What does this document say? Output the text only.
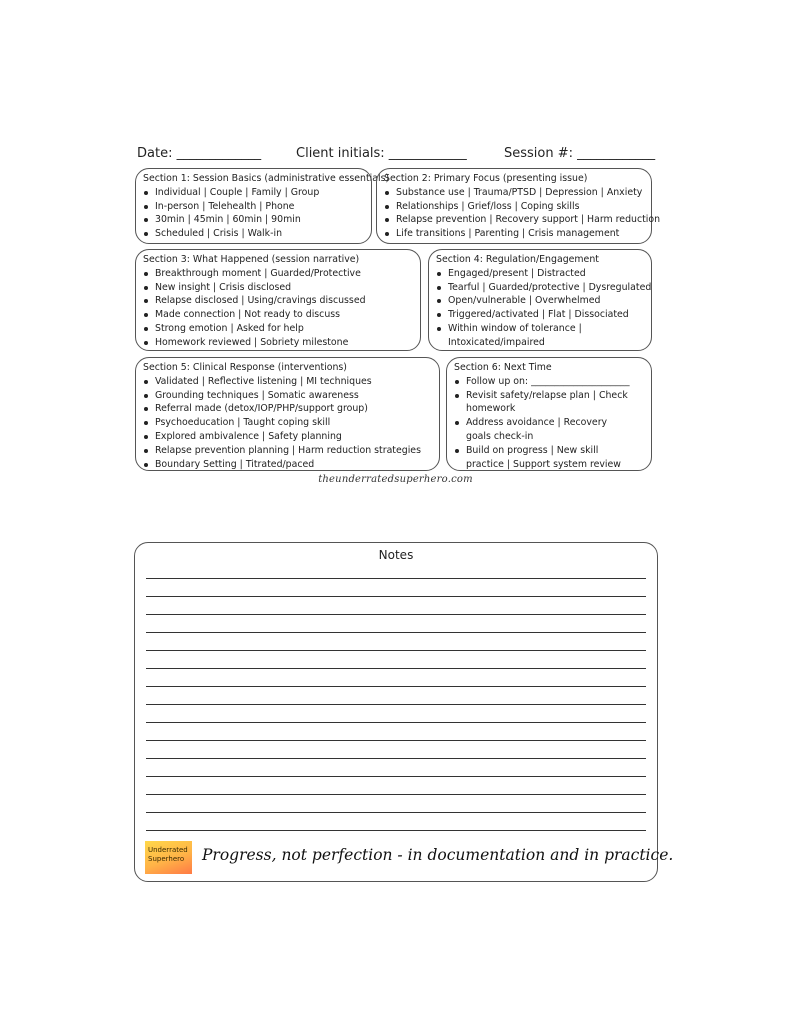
Date: _____________	Client initials: ____________	Session #: ____________
Section 1: Session Basics (administrative essentials)
Individual | Couple | Family | Group
In-person | Telehealth | Phone
30min | 45min | 60min | 90min
Scheduled | Crisis | Walk-in
Section 2: Primary Focus (presenting issue)
Substance use | Trauma/PTSD | Depression | Anxiety
Relationships | Grief/loss | Coping skills
Relapse prevention | Recovery support | Harm reduction
Life transitions | Parenting | Crisis management
Section 3: What Happened (session narrative)
Breakthrough moment | Guarded/Protective
New insight | Crisis disclosed
Relapse disclosed | Using/cravings discussed
Made connection | Not ready to discuss
Strong emotion | Asked for help
Homework reviewed | Sobriety milestone
Section 4: Regulation/Engagement
Engaged/present | Distracted
Tearful | Guarded/protective | Dysregulated
Open/vulnerable | Overwhelmed
Triggered/activated | Flat | Dissociated
Within window of tolerance | Intoxicated/impaired
Section 5: Clinical Response (interventions)
Validated | Reflective listening | MI techniques
Grounding techniques | Somatic awareness
Referral made (detox/IOP/PHP/support group)
Psychoeducation | Taught coping skill
Explored ambivalence | Safety planning
Relapse prevention planning | Harm reduction strategies
Boundary Setting | Titrated/paced
Section 6: Next Time
Follow up on: _____________________
Revisit safety/relapse plan | Check homework
Address avoidance | Recovery goals check-in
Build on progress | New skill practice | Support system review
theunderratedsuperhero.com
Notes
Underrated Superhero	Progress, not perfection - in documentation and in practice.
